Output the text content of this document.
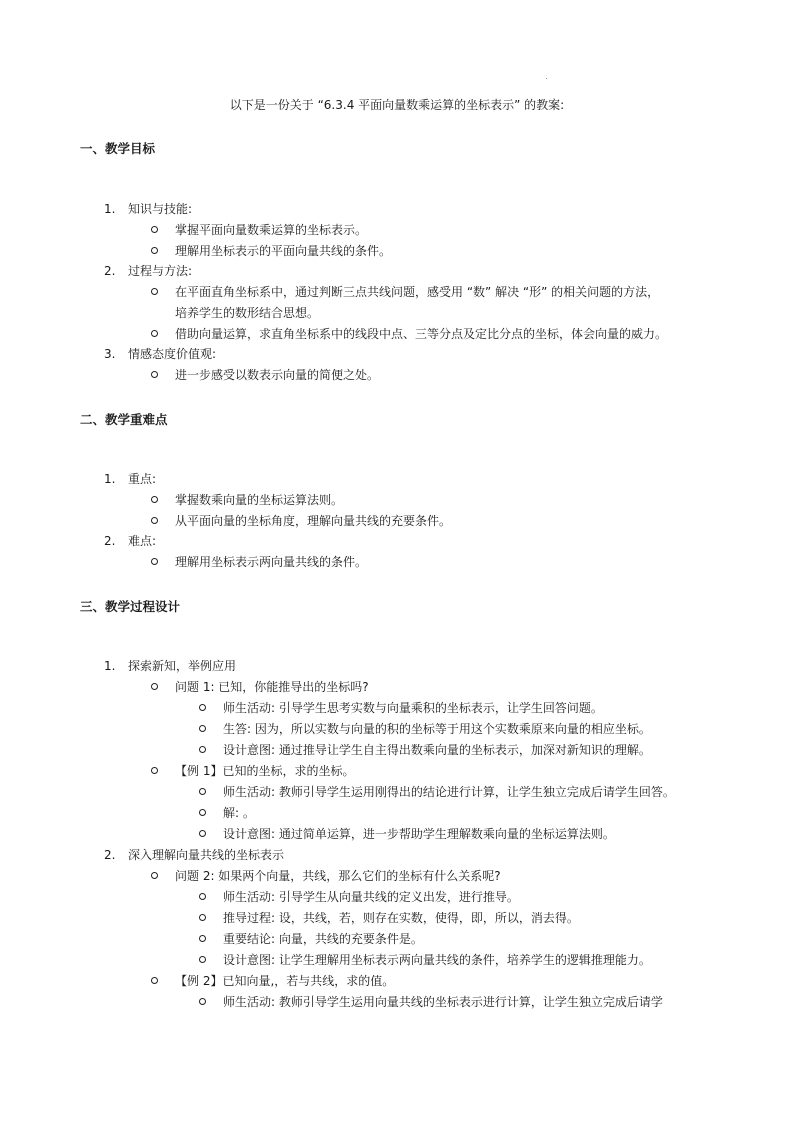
以下是一份关于 “6.3.4 平面向量数乘运算的坐标表示” 的教案:
一、教学目标
1. 知识与技能:
掌握平面向量数乘运算的坐标表示。
理解用坐标表示的平面向量共线的条件。
2. 过程与方法:
在平面直角坐标系中，通过判断三点共线问题，感受用 “数” 解决 “形” 的相关问题的方法，
培养学生的数形结合思想。
借助向量运算，求直角坐标系中的线段中点、三等分点及定比分点的坐标，体会向量的威力。
3. 情感态度价值观:
进一步感受以数表示向量的简便之处。
二、教学重难点
1. 重点:
掌握数乘向量的坐标运算法则。
从平面向量的坐标角度，理解向量共线的充要条件。
2. 难点:
理解用坐标表示两向量共线的条件。
三、教学过程设计
1. 探索新知，举例应用
问题 1: 已知，你能推导出的坐标吗?
师生活动: 引导学生思考实数与向量乘积的坐标表示，让学生回答问题。
生答: 因为，所以实数与向量的积的坐标等于用这个实数乘原来向量的相应坐标。
设计意图: 通过推导让学生自主得出数乘向量的坐标表示，加深对新知识的理解。
【例 1】已知的坐标，求的坐标。
师生活动: 教师引导学生运用刚得出的结论进行计算，让学生独立完成后请学生回答。
解: 。
设计意图: 通过简单运算，进一步帮助学生理解数乘向量的坐标运算法则。
2. 深入理解向量共线的坐标表示
问题 2: 如果两个向量，共线，那么它们的坐标有什么关系呢?
师生活动: 引导学生从向量共线的定义出发，进行推导。
推导过程: 设，共线，若，则存在实数，使得，即，所以，消去得。
重要结论: 向量，共线的充要条件是。
设计意图: 让学生理解用坐标表示两向量共线的条件，培养学生的逻辑推理能力。
【例 2】已知向量,，若与共线，求的值。
师生活动: 教师引导学生运用向量共线的坐标表示进行计算，让学生独立完成后请学
